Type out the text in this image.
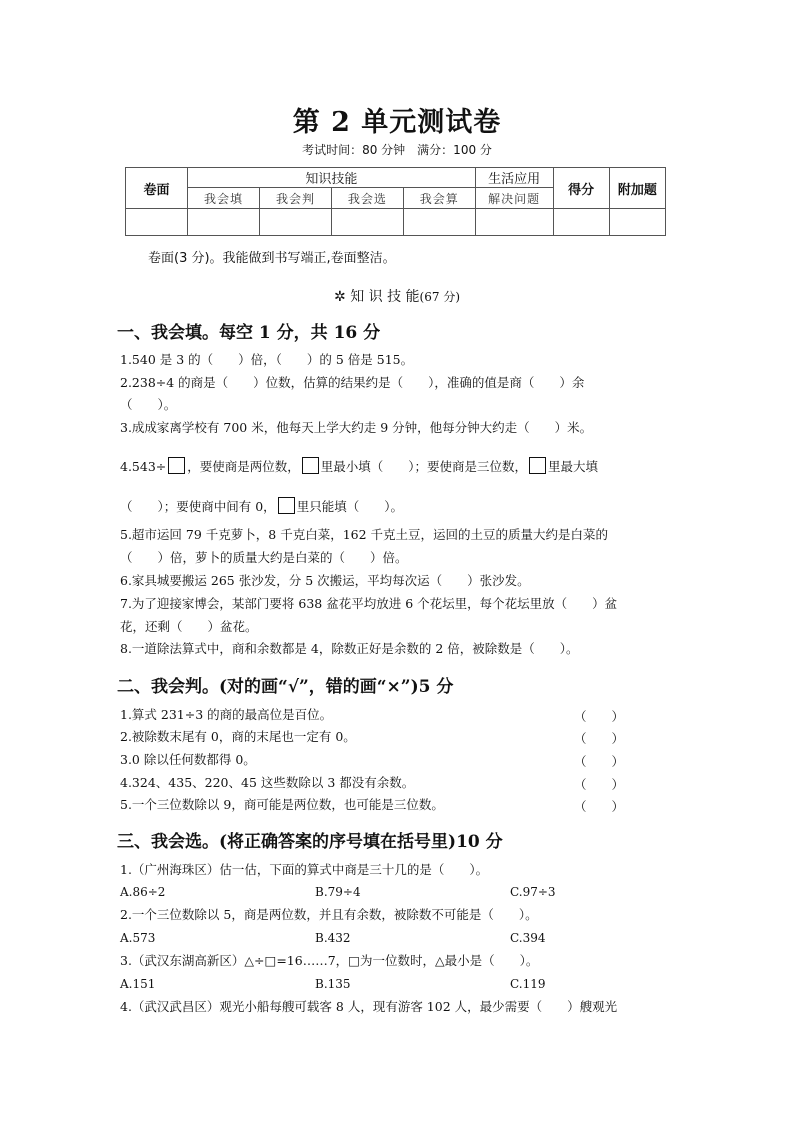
第 2 单元测试卷
考试时间：80 分钟　满分：100 分
卷面	知识技能				生活应用	得分	附加题
	我会填	我会判	我会选	我会算	解决问题		

卷面(3 分)。我能做到书写端正,卷面整洁。
✲ 知 识 技 能(67 分)
一、我会填。每空 1 分，共 16 分
1.540 是 3 的（　　）倍，（　　）的 5 倍是 515。
2.238÷4 的商是（　　）位数，估算的结果约是（　　），准确的值是商（　　）余
（　　）。
3.成成家离学校有 700 米，他每天上学大约走 9 分钟，他每分钟大约走（　　）米。
4.543÷ ，要使商是两位数， 里最小填（　　）；要使商是三位数， 里最大填
（　　）；要使商中间有 0， 里只能填（　　）。
5.超市运回 79 千克萝卜，8 千克白菜，162 千克土豆，运回的土豆的质量大约是白菜的
（　　）倍，萝卜的质量大约是白菜的（　　）倍。
6.家具城要搬运 265 张沙发，分 5 次搬运，平均每次运（　　）张沙发。
7.为了迎接家博会，某部门要将 638 盆花平均放进 6 个花坛里，每个花坛里放（　　）盆
花，还剩（　　）盆花。
8.一道除法算式中，商和余数都是 4，除数正好是余数的 2 倍，被除数是（　　）。
二、我会判。(对的画“√”，错的画“×”)5 分
1.算式 231÷3 的商的最高位是百位。	（　　）
2.被除数末尾有 0，商的末尾也一定有 0。	（　　）
3.0 除以任何数都得 0。	（　　）
4.324、435、220、45 这些数除以 3 都没有余数。	（　　）
5.一个三位数除以 9，商可能是两位数，也可能是三位数。	（　　）
三、我会选。(将正确答案的序号填在括号里)10 分
1.（广州海珠区）估一估，下面的算式中商是三十几的是（　　）。
A.86÷2	B.79÷4	C.97÷3
2.一个三位数除以 5，商是两位数，并且有余数，被除数不可能是（　　）。
A.573	B.432	C.394
3.（武汉东湖高新区）△÷□=16……7，□为一位数时，△最小是（　　）。
A.151	B.135	C.119
4.（武汉武昌区）观光小船每艘可载客 8 人，现有游客 102 人，最少需要（　　）艘观光
